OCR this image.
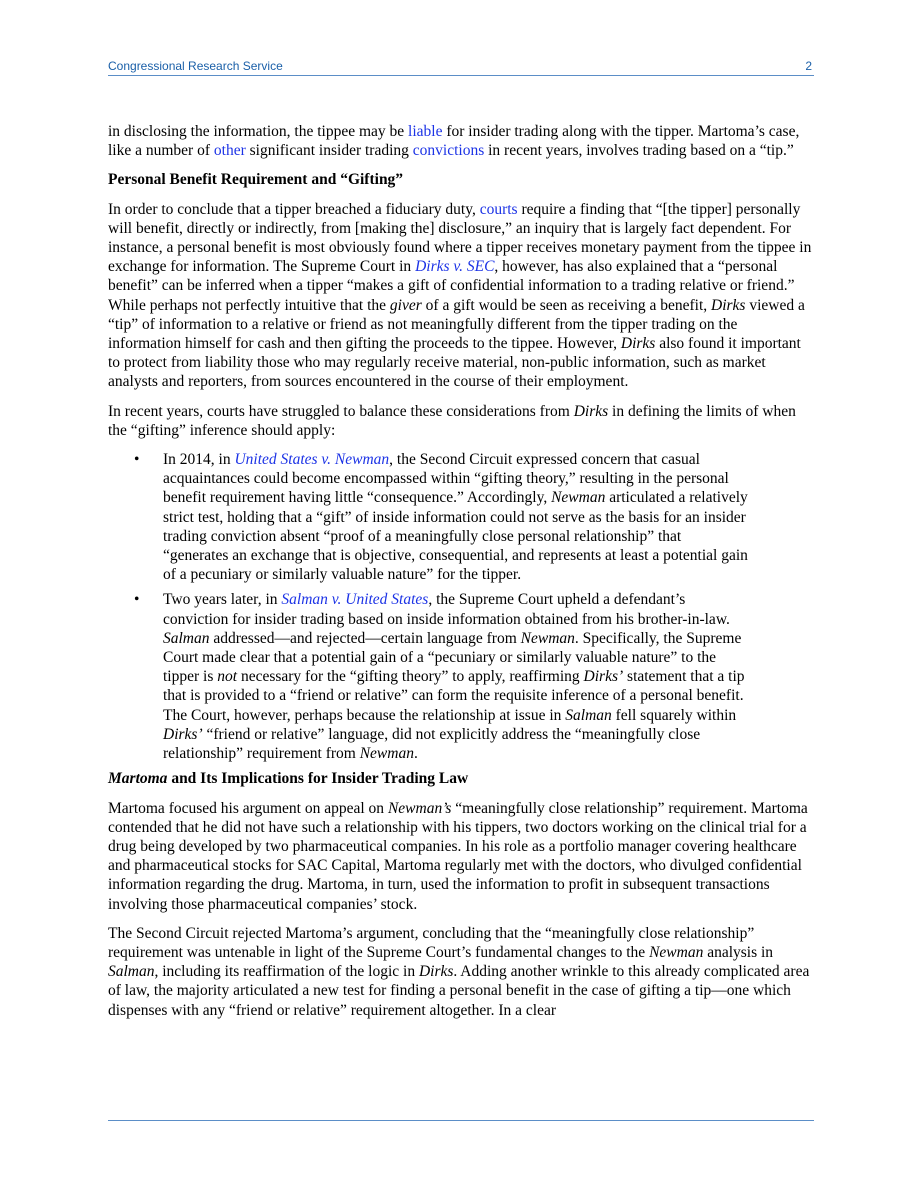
Congressional Research Service	2

in disclosing the information, the tippee may be liable for insider trading along with the tipper. Martoma’s case, like a number of other significant insider trading convictions in recent years, involves trading based on a “tip.”

Personal Benefit Requirement and “Gifting”

In order to conclude that a tipper breached a fiduciary duty, courts require a finding that “[the tipper] personally will benefit, directly or indirectly, from [making the] disclosure,” an inquiry that is largely fact dependent. For instance, a personal benefit is most obviously found where a tipper receives monetary payment from the tippee in exchange for information. The Supreme Court in Dirks v. SEC, however, has also explained that a “personal benefit” can be inferred when a tipper “makes a gift of confidential information to a trading relative or friend.” While perhaps not perfectly intuitive that the giver of a gift would be seen as receiving a benefit, Dirks viewed a “tip” of information to a relative or friend as not meaningfully different from the tipper trading on the information himself for cash and then gifting the proceeds to the tippee. However, Dirks also found it important to protect from liability those who may regularly receive material, non-public information, such as market analysts and reporters, from sources encountered in the course of their employment.

In recent years, courts have struggled to balance these considerations from Dirks in defining the limits of when the “gifting” inference should apply:

• In 2014, in United States v. Newman, the Second Circuit expressed concern that casual acquaintances could become encompassed within “gifting theory,” resulting in the personal benefit requirement having little “consequence.” Accordingly, Newman articulated a relatively strict test, holding that a “gift” of inside information could not serve as the basis for an insider trading conviction absent “proof of a meaningfully close personal relationship” that “generates an exchange that is objective, consequential, and represents at least a potential gain of a pecuniary or similarly valuable nature” for the tipper.
• Two years later, in Salman v. United States, the Supreme Court upheld a defendant’s conviction for insider trading based on inside information obtained from his brother-in-law. Salman addressed—and rejected—certain language from Newman. Specifically, the Supreme Court made clear that a potential gain of a “pecuniary or similarly valuable nature” to the tipper is not necessary for the “gifting theory” to apply, reaffirming Dirks’ statement that a tip that is provided to a “friend or relative” can form the requisite inference of a personal benefit. The Court, however, perhaps because the relationship at issue in Salman fell squarely within Dirks’ “friend or relative” language, did not explicitly address the “meaningfully close relationship” requirement from Newman.
Martoma and Its Implications for Insider Trading Law

Martoma focused his argument on appeal on Newman’s “meaningfully close relationship” requirement. Martoma contended that he did not have such a relationship with his tippers, two doctors working on the clinical trial for a drug being developed by two pharmaceutical companies. In his role as a portfolio manager covering healthcare and pharmaceutical stocks for SAC Capital, Martoma regularly met with the doctors, who divulged confidential information regarding the drug. Martoma, in turn, used the information to profit in subsequent transactions involving those pharmaceutical companies’ stock.

The Second Circuit rejected Martoma’s argument, concluding that the “meaningfully close relationship” requirement was untenable in light of the Supreme Court’s fundamental changes to the Newman analysis in Salman, including its reaffirmation of the logic in Dirks. Adding another wrinkle to this already complicated area of law, the majority articulated a new test for finding a personal benefit in the case of gifting a tip—one which dispenses with any “friend or relative” requirement altogether. In a clear
